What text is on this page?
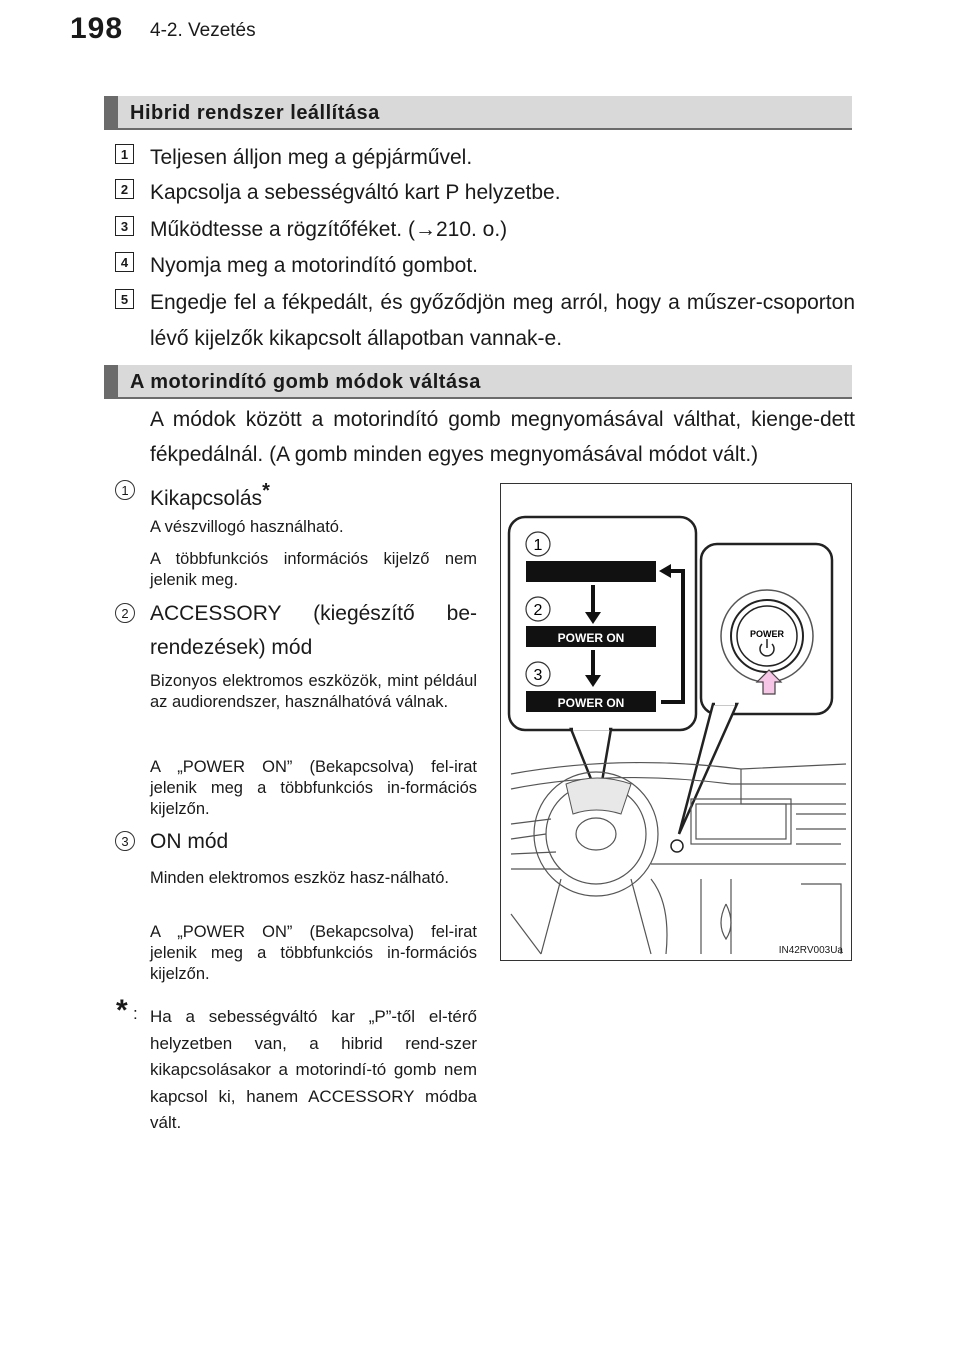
198 4-2. Vezetés
Hibrid rendszer leállítása
1 Teljesen álljon meg a gépjárművel.
2 Kapcsolja a sebességváltó kart P helyzetbe.
3 Működtesse a rögzítőféket. (→210. o.)
4 Nyomja meg a motorindító gombot.
5 Engedje fel a fékpedált, és győződjön meg arról, hogy a műszer-csoporton lévő kijelzők kikapcsolt állapotban vannak-e.
A motorindító gomb módok váltása
A módok között a motorindító gomb megnyomásával válthat, kienge-dett fékpedálnál. (A gomb minden egyes megnyomásával módot vált.)
1	Kikapcsolás*
A vészvillogó használható.
A többfunkciós információs kijelző nem jelenik meg.
2	ACCESSORY (kiegészítő be-rendezések) mód
Bizonyos elektromos eszközök, mint például az audiorendszer, használhatóvá válnak.
A „POWER ON” (Bekapcsolva) fel-irat jelenik meg a többfunkciós in-formációs kijelzőn.
3	ON mód
Minden elektromos eszköz hasz-nálható.
A „POWER ON” (Bekapcsolva) fel-irat jelenik meg a többfunkciós in-formációs kijelzőn.
* : Ha a sebességváltó kar „P”-től el-térő helyzetben van, a hibrid rend-szer kikapcsolásakor a motorindí-tó gomb nem kapcsol ki, hanem ACCESSORY módba vált.
1
2
POWER ON
3
POWER ON
POWER
IN42RV003Ua
